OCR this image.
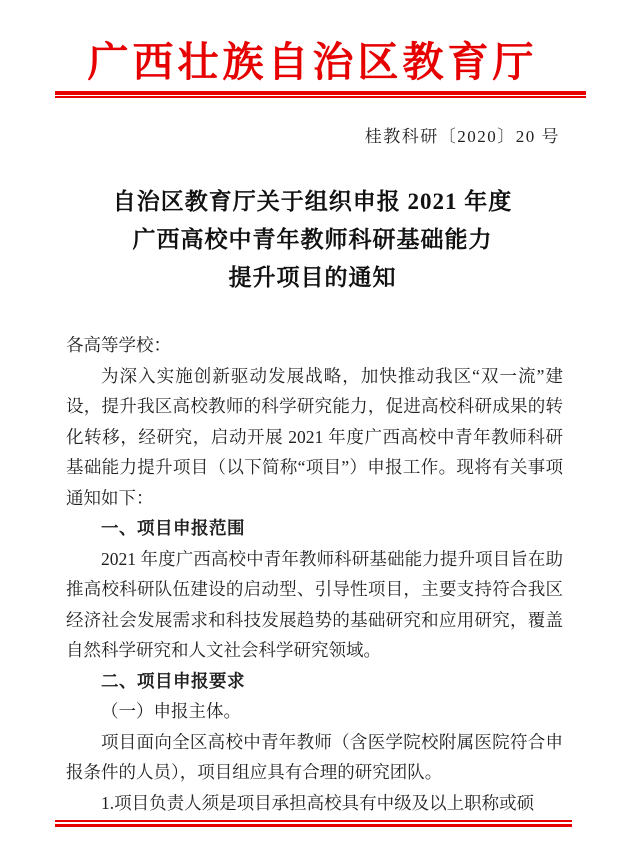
广西壮族自治区教育厅
桂教科研〔2020〕20 号
自治区教育厅关于组织申报 2021 年度
广西高校中青年教师科研基础能力
提升项目的通知

各高等学校：

为深入实施创新驱动发展战略，加快推动我区“双一流”建设，提升我区高校教师的科学研究能力，促进高校科研成果的转化转移，经研究，启动开展 2021 年度广西高校中青年教师科研基础能力提升项目（以下简称“项目”）申报工作。现将有关事项通知如下：

一、项目申报范围

2021 年度广西高校中青年教师科研基础能力提升项目旨在助推高校科研队伍建设的启动型、引导性项目，主要支持符合我区经济社会发展需求和科技发展趋势的基础研究和应用研究，覆盖自然科学研究和人文社会科学研究领域。

二、项目申报要求

（一）申报主体。

项目面向全区高校中青年教师（含医学院校附属医院符合申报条件的人员），项目组应具有合理的研究团队。

1.项目负责人须是项目承担高校具有中级及以上职称或硕
